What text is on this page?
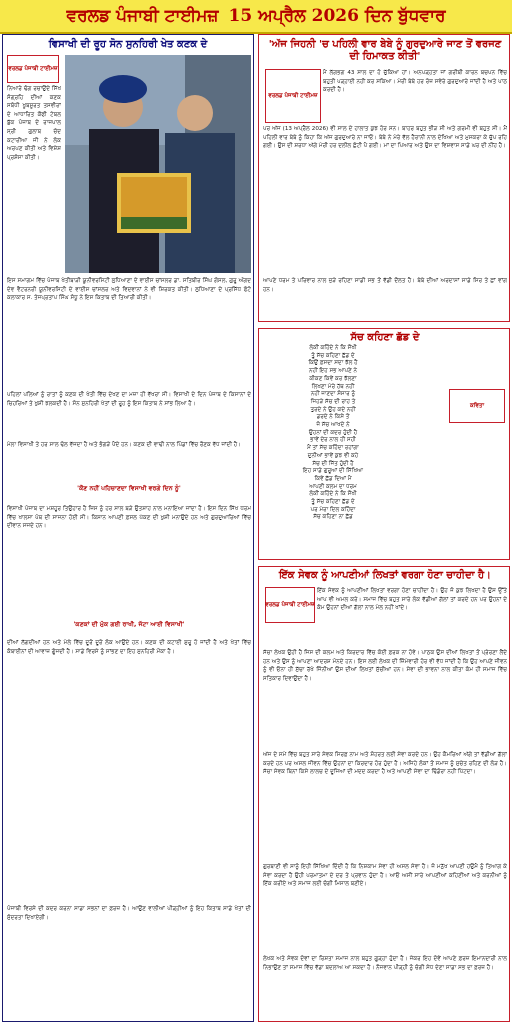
ਵਰਲਡ ਪੰਜਾਬੀ ਟਾਈਮਜ਼ 15 ਅਪ੍ਰੈਲ 2026 ਦਿਨ ਬੁੱਧਵਾਰ
ਵਿਸਾਖੀ ਦੀ ਰੂਹ ਸੋਨ ਸੁਨਹਿਰੀ ਖੇਤ ਕਣਕ ਦੇ
ਵਰਲਡ ਪੰਜਾਬੀ ਟਾਈਮਜ਼
ਨਿਆਰੇ ਢੰਗ ਰਚਾਉਂਦੇ ਸਿੱਖ ਸੰਗ੍ਰਹਿ ਦੀਆਂ ਕਣਕ ਸਬੰਧੀ ਖੂਬਸੂਰਤ ਤਸਵੀਰਾਂ ਦੇ ਆਧਾਰਿਤ ਕੌਫੀ ਟੇਬਲ ਬੁੱਕ ਪੰਜਾਬ ਦੇ ਰਾਜਪਾਲ ਸ੍ਰੀ ਗੁਲਾਬ ਚੰਦ ਕਟਾਰੀਆ ਜੀ ਨੇ ਲੋਕ ਅਰਪਣ ਕੀਤੀ ਅਤੇ ਵਿਸ਼ੇਸ਼ ਪ੍ਰਸ਼ੰਸਾ ਕੀਤੀ।
ਇਸ ਸਮਾਗਮ ਵਿੱਚ ਪੰਜਾਬ ਖੇਤੀਬਾੜੀ ਯੂਨੀਵਰਸਿਟੀ ਲੁਧਿਆਣਾ ਦੇ ਵਾਈਸ ਚਾਂਸਲਰ ਡਾ. ਸਤਿਬੀਰ ਸਿੰਘ ਗੋਸਲ, ਗੁਰੂ ਅੰਗਦ ਦੇਵ ਵੈਟਰਨਰੀ ਯੂਨੀਵਰਸਿਟੀ ਦੇ ਵਾਈਸ ਚਾਂਸਲਰ ਅਤੇ ਵਿਦਵਾਨਾਂ ਨੇ ਵੀ ਸ਼ਿਰਕਤ ਕੀਤੀ। ਲੁਧਿਆਣਾ ਦੇ ਪ੍ਰਸਿੱਧ ਫੋਟੋ ਕਲਾਕਾਰ ਸ. ਤੇਜਪ੍ਰਤਾਪ ਸਿੰਘ ਸੰਧੂ ਨੇ ਇਸ ਕਿਤਾਬ ਦੀ ਤਿਆਰੀ ਕੀਤੀ।
ਪਹਿਲਾਂ ਪਲਿਆਂ ਨੂੰ ਰਾਤਾਂ ਨੂੰ ਕਣਕ ਦੀ ਖੇਤੀ ਵਿੱਚ ਦੇਖਣ ਦਾ ਮਜ਼ਾ ਹੀ ਵੱਖਰਾ ਸੀ। ਵਿਸਾਖੀ ਦੇ ਦਿਨ ਪੰਜਾਬ ਦੇ ਕਿਸਾਨਾਂ ਦੇ ਚਿਹਰਿਆਂ ਤੇ ਖੁਸ਼ੀ ਝਲਕਦੀ ਹੈ। ਸੋਨ ਸੁਨਹਿਰੀ ਖੇਤਾਂ ਦੀ ਰੂਹ ਨੂੰ ਇਸ ਕਿਤਾਬ ਨੇ ਸਾਂਭ ਲਿਆ ਹੈ।
ਮੇਲਾ ਵਿਸਾਖੀ ਤੇ ਹਰ ਸਾਲ ਢੋਲ ਵੱਜਦਾ ਹੈ ਅਤੇ ਭੰਗੜੇ ਪੈਂਦੇ ਹਨ। ਕਣਕ ਦੀ ਵਾਢੀ ਨਾਲ ਪਿੰਡਾਂ ਵਿੱਚ ਰੌਣਕ ਵੱਧ ਜਾਂਦੀ ਹੈ।
'ਕੌਣ ਨਹੀਂ ਪਹਿਚਾਣਦਾ ਵਿਸਾਖੀ ਵਰਗੇ ਦਿਨ ਨੂੰ'
ਵਿਸਾਖੀ ਪੰਜਾਬ ਦਾ ਮਸ਼ਹੂਰ ਤਿਉਹਾਰ ਹੈ ਜਿਸ ਨੂੰ ਹਰ ਸਾਲ ਬੜੇ ਉਤਸ਼ਾਹ ਨਾਲ ਮਨਾਇਆ ਜਾਂਦਾ ਹੈ। ਇਸ ਦਿਨ ਸਿੱਖ ਧਰਮ ਵਿੱਚ ਖਾਲਸਾ ਪੰਥ ਦੀ ਸਾਜਨਾ ਹੋਈ ਸੀ। ਕਿਸਾਨ ਆਪਣੀ ਫ਼ਸਲ ਪੱਕਣ ਦੀ ਖੁਸ਼ੀ ਮਨਾਉਂਦੇ ਹਨ ਅਤੇ ਗੁਰਦੁਆਰਿਆਂ ਵਿੱਚ ਦੀਵਾਨ ਸਜਦੇ ਹਨ।
'ਕਣਕਾਂ ਦੀ ਮੁੱਕ ਗਈ ਰਾਖੀ, ਜੱਟਾ ਆਈ ਵਿਸਾਖੀ'
ਦੀਆਂ ਲੱਗਦੀਆਂ ਹਨ ਅਤੇ ਮੇਲੇ ਵਿੱਚ ਦੂਰੋਂ ਦੂਰੋਂ ਲੋਕ ਆਉਂਦੇ ਹਨ। ਕਣਕ ਦੀ ਕਟਾਈ ਸ਼ੁਰੂ ਹੋ ਜਾਂਦੀ ਹੈ ਅਤੇ ਖੇਤਾਂ ਵਿੱਚ ਕੰਬਾਈਨਾਂ ਦੀ ਆਵਾਜ਼ ਗੂੰਜਦੀ ਹੈ। ਸਾਡੇ ਵਿਰਸੇ ਨੂੰ ਸਾਂਭਣ ਦਾ ਇਹ ਸੁਨਹਿਰੀ ਮੌਕਾ ਹੈ।
ਪੰਜਾਬੀ ਵਿਰਸੇ ਦੀ ਕਦਰ ਕਰਨਾ ਸਾਡਾ ਸਭਨਾਂ ਦਾ ਫ਼ਰਜ਼ ਹੈ। ਆਉਣ ਵਾਲੀਆਂ ਪੀੜ੍ਹੀਆਂ ਨੂੰ ਇਹ ਕਿਤਾਬ ਸਾਡੇ ਖੇਤਾਂ ਦੀ ਸੁੰਦਰਤਾ ਦਿਖਾਏਗੀ।
'ਅੱਜ ਜਿਹਨੀ 'ਚ ਪਹਿਲੀ ਵਾਰ ਬੇਬੇ ਨੂੰ ਗੁਰਦੁਆਰੇ ਜਾਣ ਤੋਂ ਵਰਜਣ ਦੀ ਹਿਮਾਕਤ ਕੀਤੀ'
ਵਰਲਡ ਪੰਜਾਬੀ ਟਾਈਮਜ਼
ਮੈਂ ਲੱਗਭਗ 43 ਸਾਲ ਦਾ ਹੋ ਚੁੱਕਿਆ ਹਾਂ। ਅਨਪੜ੍ਹਤਾ ਜਾਂ ਗਰੀਬੀ ਕਾਰਨ ਬਚਪਨ ਵਿੱਚ ਬਹੁਤੀ ਪੜ੍ਹਾਈ ਨਹੀਂ ਕਰ ਸਕਿਆ। ਮੇਰੀ ਬੇਬੇ ਹਰ ਰੋਜ਼ ਸਵੇਰੇ ਗੁਰਦੁਆਰੇ ਜਾਂਦੀ ਹੈ ਅਤੇ ਪਾਠ ਕਰਦੀ ਹੈ।
ਪਰ ਅੱਜ (13 ਅਪ੍ਰੈਲ 2026) ਵੀ ਸਾਲ ਦੇ ਹਾਲਾਤ ਕੁਝ ਹੋਰ ਸਨ। ਬਾਹਰ ਬਹੁਤ ਭੀੜ ਸੀ ਅਤੇ ਗਰਮੀ ਵੀ ਬਹੁਤ ਸੀ। ਮੈਂ ਪਹਿਲੀ ਵਾਰ ਬੇਬੇ ਨੂੰ ਕਿਹਾ ਕਿ ਅੱਜ ਗੁਰਦੁਆਰੇ ਨਾ ਜਾਓ। ਬੇਬੇ ਨੇ ਮੇਰੇ ਵੱਲ ਹੈਰਾਨੀ ਨਾਲ ਦੇਖਿਆ ਅਤੇ ਮੁਸਕਰਾ ਕੇ ਚੁੱਪ ਰਹਿ ਗਈ। ਉਸ ਦੀ ਸ਼ਰਧਾ ਅੱਗੇ ਮੇਰੀ ਹਰ ਦਲੀਲ ਛੋਟੀ ਪੈ ਗਈ। ਮਾਂ ਦਾ ਪਿਆਰ ਅਤੇ ਉਸ ਦਾ ਵਿਸ਼ਵਾਸ ਸਾਡੇ ਘਰ ਦੀ ਨੀਂਹ ਹੈ।
ਆਪਣੇ ਧਰਮ ਤੇ ਪਰਿਵਾਰ ਨਾਲ ਜੁੜੇ ਰਹਿਣਾ ਸਾਡੀ ਸਭ ਤੋਂ ਵੱਡੀ ਦੌਲਤ ਹੈ। ਬੇਬੇ ਦੀਆਂ ਅਰਦਾਸਾਂ ਸਾਡੇ ਸਿਰ ਤੇ ਛਾਂ ਵਾਂਗ ਹਨ।
ਸੱਚ ਕਹਿਣਾ ਛੱਡ ਦੇ
ਲੋਕੀਂ ਕਹਿੰਦੇ ਨੇ ਕਿ ਸੌਖੀ
ਤੂੰ ਸੱਚ ਕਹਿਣਾ ਛੱਡ ਦੇ
ਕਿਉਂ ਫ਼ਸਦਾ ਸਦਾ ਝੱਲ ਹੈ
ਨਹੀਂ ਇਹ ਸਭ ਆਪਣੇ ਨੇ
ਕੀਕਣ ਕਿਵੇਂ ਕਰ ਝੱਲਣਾ
ਲਿਖਣਾ ਮੇਰੇ ਹੱਥ ਨਹੀਂ
ਨਹੀਂ ਜਾਣਦਾ ਸੰਸਾਰ ਨੂੰ
ਜਿਹੜੇ ਸੱਚ ਦੀ ਰਾਹ ਤੇ
ਤੁਰਦੇ ਨੇ ਉਹ ਕਦੇ ਨਹੀਂ
ਡਰਦੇ ਨੇ ਕਿਸੇ ਤੋਂ
ਜੋ ਸੱਚ ਆਖਦੇ ਨੇ
ਉਹਨਾਂ ਦੀ ਕਦਰ ਹੁੰਦੀ ਹੈ
ਭਾਵੇਂ ਦੇਰ ਨਾਲ ਹੀ ਸਹੀ
ਮੈਂ ਤਾਂ ਸੱਚ ਕਹਿੰਦਾ ਰਹਾਂਗਾ
ਦੁਨੀਆਂ ਭਾਵੇਂ ਕੁਝ ਵੀ ਕਹੇ
ਸੱਚ ਦੀ ਜਿੱਤ ਹੁੰਦੀ ਹੈ
ਇਹ ਸਾਡੇ ਗੁਰੂਆਂ ਦੀ ਸਿੱਖਿਆ
ਕਿਵੇਂ ਛੱਡ ਦਿਆਂ ਮੈਂ
ਆਪਣੀ ਕਲਮ ਦਾ ਧਰਮ
ਲੋਕੀਂ ਕਹਿੰਦੇ ਨੇ ਕਿ ਸੌਖੀ
ਤੂੰ ਸੱਚ ਕਹਿਣਾ ਛੱਡ ਦੇ
ਪਰ ਮੇਰਾ ਦਿਲ ਕਹਿੰਦਾ
ਸੱਚ ਕਹਿਣਾ ਨਾ ਛੱਡ
ਕਵਿਤਾ
ਇੱਕ ਸੇਵਕ ਨੂੰ ਆਪਣੀਆਂ ਲਿਖਤਾਂ ਵਰਗਾ ਹੋਣਾ ਚਾਹੀਦਾ ਹੈ।
ਵਰਲਡ ਪੰਜਾਬੀ ਟਾਈਮਜ਼
ਇੱਕ ਸੇਵਕ ਨੂੰ ਆਪਣੀਆਂ ਲਿਖਤਾਂ ਵਰਗਾ ਹੋਣਾ ਚਾਹੀਦਾ ਹੈ। ਉਹ ਜੋ ਕੁਝ ਲਿਖਦਾ ਹੈ ਉਸ ਉੱਤੇ ਆਪ ਵੀ ਅਮਲ ਕਰੇ। ਸਮਾਜ ਵਿੱਚ ਬਹੁਤ ਸਾਰੇ ਲੋਕ ਵੱਡੀਆਂ ਗੱਲਾਂ ਤਾਂ ਕਰਦੇ ਹਨ ਪਰ ਉਹਨਾਂ ਦੇ ਕੰਮ ਉਹਨਾਂ ਦੀਆਂ ਗੱਲਾਂ ਨਾਲ ਮੇਲ ਨਹੀਂ ਖਾਂਦੇ।
ਸੱਚਾ ਲੇਖਕ ਉਹੀ ਹੈ ਜਿਸ ਦੀ ਕਲਮ ਅਤੇ ਕਿਰਦਾਰ ਵਿੱਚ ਕੋਈ ਫ਼ਰਕ ਨਾ ਹੋਵੇ। ਪਾਠਕ ਉਸ ਦੀਆਂ ਲਿਖਤਾਂ ਤੋਂ ਪ੍ਰੇਰਣਾ ਲੈਂਦੇ ਹਨ ਅਤੇ ਉਸ ਨੂੰ ਆਪਣਾ ਆਦਰਸ਼ ਮੰਨਦੇ ਹਨ। ਇਸ ਲਈ ਲੇਖਕ ਦੀ ਜ਼ਿੰਮੇਵਾਰੀ ਹੋਰ ਵੀ ਵੱਧ ਜਾਂਦੀ ਹੈ ਕਿ ਉਹ ਆਪਣੇ ਜੀਵਨ ਨੂੰ ਵੀ ਓਨਾ ਹੀ ਸੁੱਚਾ ਰੱਖੇ ਜਿੰਨੀਆਂ ਉਸ ਦੀਆਂ ਲਿਖਤਾਂ ਸੁੱਚੀਆਂ ਹਨ। ਸੇਵਾ ਦੀ ਭਾਵਨਾ ਨਾਲ ਕੀਤਾ ਕੰਮ ਹੀ ਸਮਾਜ ਵਿੱਚ ਸਤਿਕਾਰ ਦਿਵਾਉਂਦਾ ਹੈ।
ਅੱਜ ਦੇ ਸਮੇਂ ਵਿੱਚ ਬਹੁਤ ਸਾਰੇ ਸੇਵਕ ਸਿਰਫ਼ ਨਾਮ ਅਤੇ ਸ਼ੋਹਰਤ ਲਈ ਸੇਵਾ ਕਰਦੇ ਹਨ। ਉਹ ਕੈਮਰਿਆਂ ਅੱਗੇ ਤਾਂ ਵੱਡੀਆਂ ਗੱਲਾਂ ਕਰਦੇ ਹਨ ਪਰ ਅਸਲ ਜੀਵਨ ਵਿੱਚ ਉਹਨਾਂ ਦਾ ਕਿਰਦਾਰ ਹੋਰ ਹੁੰਦਾ ਹੈ। ਅਜਿਹੇ ਲੋਕਾਂ ਤੋਂ ਸਮਾਜ ਨੂੰ ਸੁਚੇਤ ਰਹਿਣ ਦੀ ਲੋੜ ਹੈ। ਸੱਚਾ ਸੇਵਕ ਬਿਨਾਂ ਕਿਸੇ ਲਾਲਚ ਦੇ ਦੂਜਿਆਂ ਦੀ ਮਦਦ ਕਰਦਾ ਹੈ ਅਤੇ ਆਪਣੀ ਸੇਵਾ ਦਾ ਢਿੰਡੋਰਾ ਨਹੀਂ ਪਿੱਟਦਾ।
ਗੁਰਬਾਣੀ ਵੀ ਸਾਨੂੰ ਇਹੀ ਸਿੱਖਿਆ ਦਿੰਦੀ ਹੈ ਕਿ ਨਿਸ਼ਕਾਮ ਸੇਵਾ ਹੀ ਅਸਲ ਸੇਵਾ ਹੈ। ਜੋ ਮਨੁੱਖ ਆਪਣੀ ਹਉਮੈ ਨੂੰ ਤਿਆਗ ਕੇ ਸੇਵਾ ਕਰਦਾ ਹੈ ਉਹੀ ਪਰਮਾਤਮਾ ਦੇ ਦਰ ਤੇ ਪ੍ਰਵਾਨ ਹੁੰਦਾ ਹੈ। ਆਓ ਅਸੀਂ ਸਾਰੇ ਆਪਣੀਆਂ ਕਹਿਣੀਆਂ ਅਤੇ ਕਰਨੀਆਂ ਨੂੰ ਇੱਕ ਕਰੀਏ ਅਤੇ ਸਮਾਜ ਲਈ ਚੰਗੀ ਮਿਸਾਲ ਬਣੀਏ।
ਲੇਖਕ ਅਤੇ ਸੇਵਕ ਦੋਵਾਂ ਦਾ ਰਿਸ਼ਤਾ ਸਮਾਜ ਨਾਲ ਬਹੁਤ ਗੂੜ੍ਹਾ ਹੁੰਦਾ ਹੈ। ਜੇਕਰ ਇਹ ਦੋਵੇਂ ਆਪਣੇ ਫ਼ਰਜ਼ ਇਮਾਨਦਾਰੀ ਨਾਲ ਨਿਭਾਉਣ ਤਾਂ ਸਮਾਜ ਵਿੱਚ ਵੱਡਾ ਬਦਲਾਅ ਆ ਸਕਦਾ ਹੈ। ਨੌਜਵਾਨ ਪੀੜ੍ਹੀ ਨੂੰ ਚੰਗੀ ਸੇਧ ਦੇਣਾ ਸਾਡਾ ਸਭ ਦਾ ਫ਼ਰਜ਼ ਹੈ।
